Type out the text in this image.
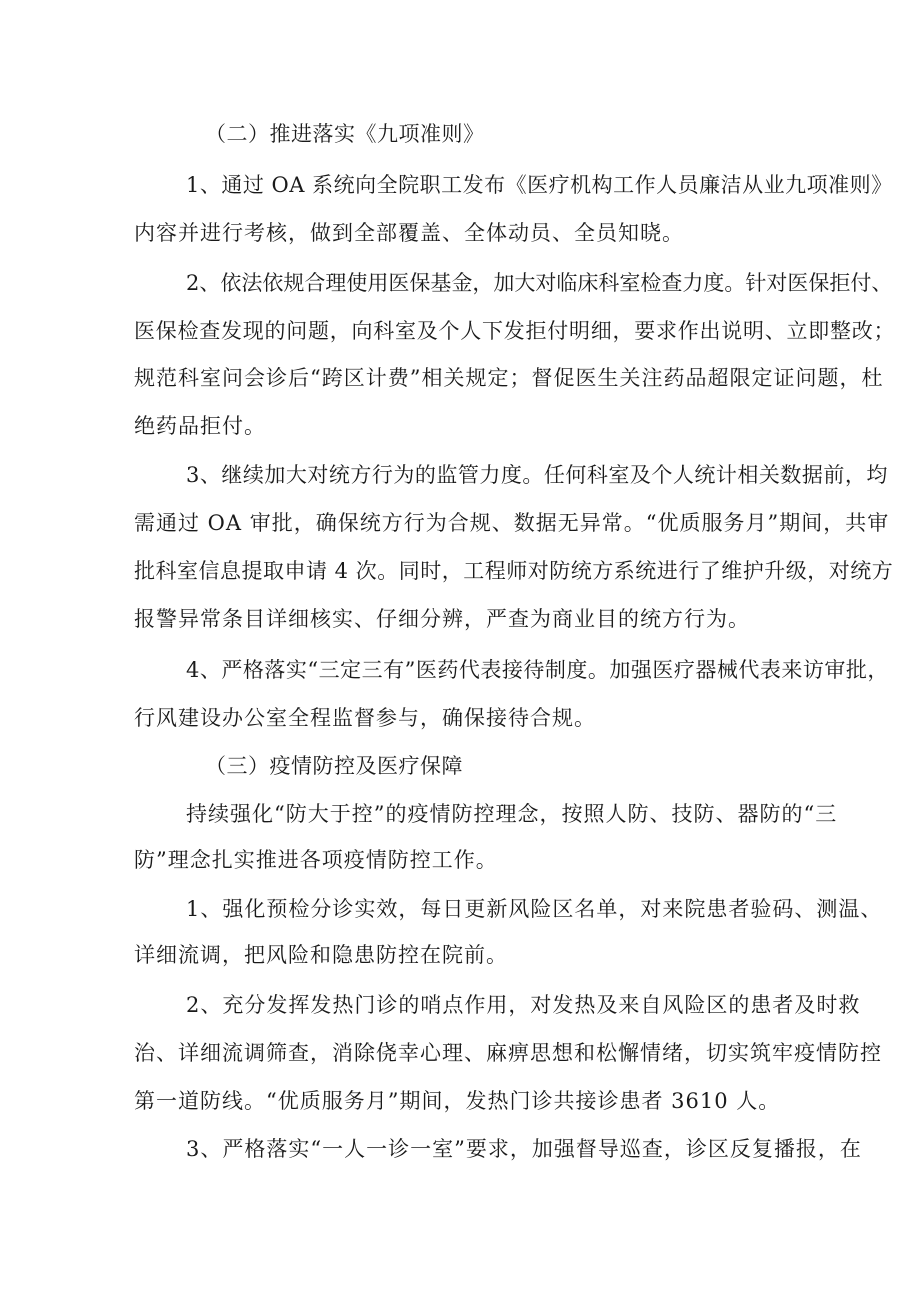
（二）推进落实《九项准则》
1、通过 OA 系统向全院职工发布《医疗机构工作人员廉洁从业九项准则》
内容并进行考核，做到全部覆盖、全体动员、全员知晓。
2、依法依规合理使用医保基金，加大对临床科室检查力度。针对医保拒付、
医保检查发现的问题，向科室及个人下发拒付明细，要求作出说明、立即整改；
规范科室问会诊后“跨区计费”相关规定；督促医生关注药品超限定证问题，杜
绝药品拒付。
3、继续加大对统方行为的监管力度。任何科室及个人统计相关数据前，均
需通过 OA 审批，确保统方行为合规、数据无异常。“优质服务月”期间，共审
批科室信息提取申请 4 次。同时，工程师对防统方系统进行了维护升级，对统方
报警异常条目详细核实、仔细分辨，严查为商业目的统方行为。
4、严格落实“三定三有”医药代表接待制度。加强医疗器械代表来访审批，
行风建设办公室全程监督参与，确保接待合规。
（三）疫情防控及医疗保障
持续强化“防大于控”的疫情防控理念，按照人防、技防、器防的“三
防”理念扎实推进各项疫情防控工作。
1、强化预检分诊实效，每日更新风险区名单，对来院患者验码、测温、
详细流调，把风险和隐患防控在院前。
2、充分发挥发热门诊的哨点作用，对发热及来自风险区的患者及时救
治、详细流调筛查，消除侥幸心理、麻痹思想和松懈情绪，切实筑牢疫情防控
第一道防线。“优质服务月”期间，发热门诊共接诊患者 3610 人。
3、严格落实“一人一诊一室”要求，加强督导巡查，诊区反复播报，在
